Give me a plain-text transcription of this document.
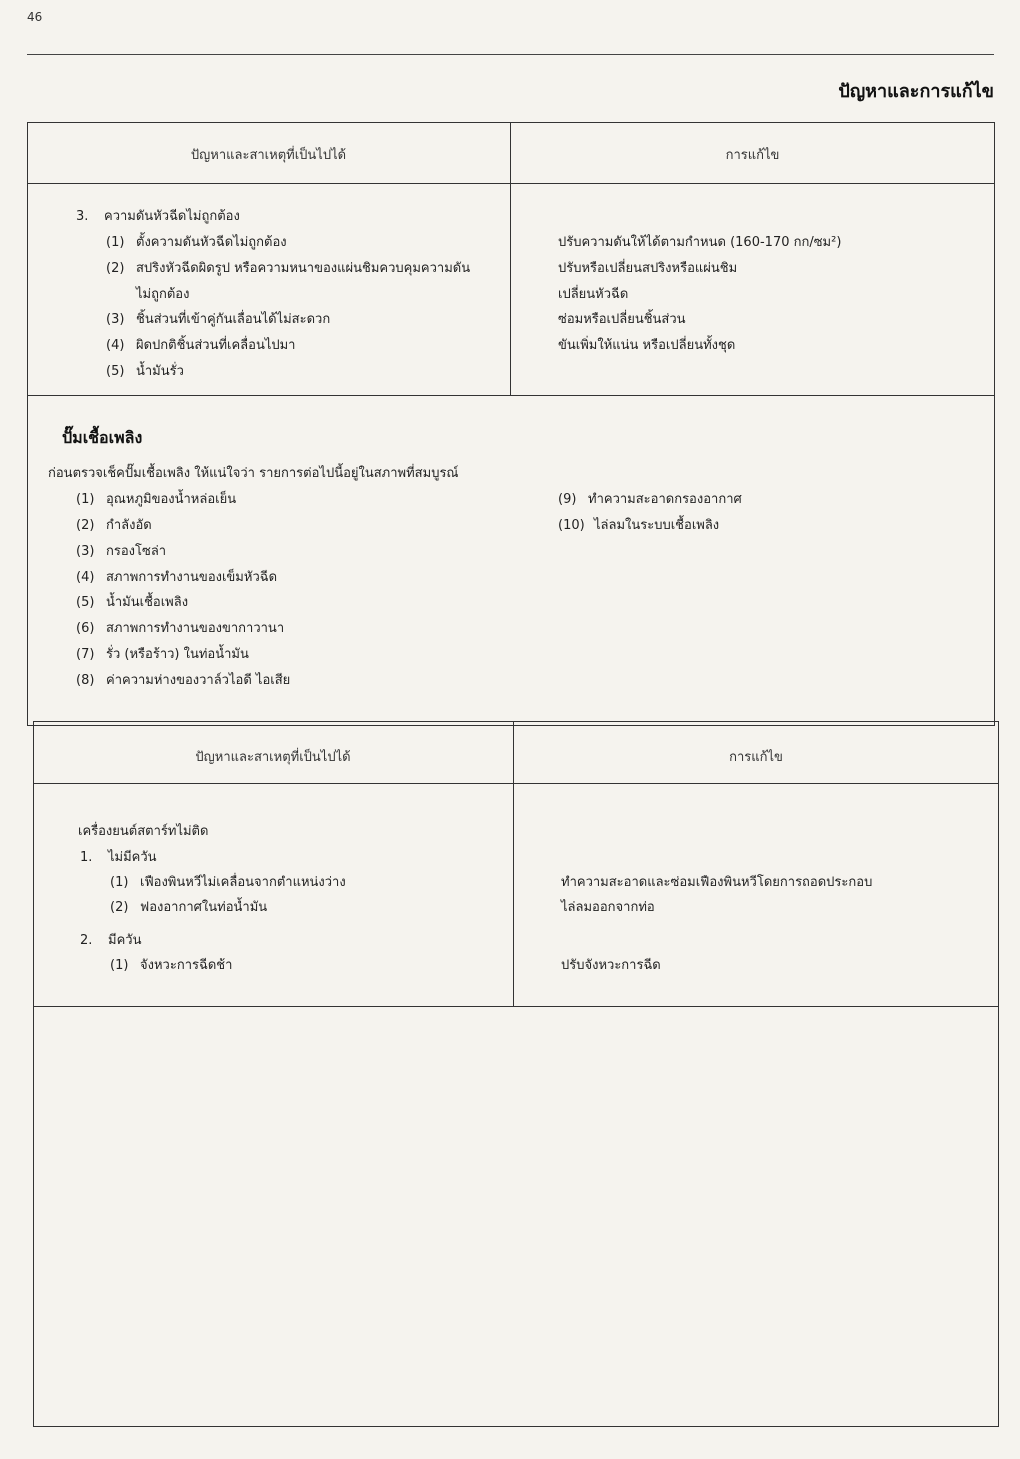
46
ปัญหาและการแก้ไข
ปัญหาและสาเหตุที่เป็นไปได้	การแก้ไข
3. ความดันหัวฉีดไม่ถูกต้อง
(1) ตั้งความดันหัวฉีดไม่ถูกต้อง
(2) สปริงหัวฉีดผิดรูป หรือความหนาของแผ่นชิมควบคุมความดัน
ไม่ถูกต้อง
(3) ชิ้นส่วนที่เข้าคู่กันเลื่อนได้ไม่สะดวก
(4) ผิดปกติชิ้นส่วนที่เคลื่อนไปมา
(5) น้ำมันรั่ว
ปรับความดันให้ได้ตามกำหนด (160-170 กก/ซม²)
ปรับหรือเปลี่ยนสปริงหรือแผ่นชิม
เปลี่ยนหัวฉีด
ซ่อมหรือเปลี่ยนชิ้นส่วน
ขันเพิ่มให้แน่น หรือเปลี่ยนทั้งชุด
ปั๊มเชื้อเพลิง
ก่อนตรวจเช็คปั๊มเชื้อเพลิง ให้แน่ใจว่า รายการต่อไปนี้อยู่ในสภาพที่สมบูรณ์
(1) อุณหภูมิของน้ำหล่อเย็น
(2) กำลังอัด
(3) กรองโซล่า
(4) สภาพการทำงานของเข็มหัวฉีด
(5) น้ำมันเชื้อเพลิง
(6) สภาพการทำงานของขากาวานา
(7) รั่ว (หรือร้าว) ในท่อน้ำมัน
(8) ค่าความห่างของวาล์วไอดี ไอเสีย
(9) ทำความสะอาดกรองอากาศ
(10) ไล่ลมในระบบเชื้อเพลิง
ปัญหาและสาเหตุที่เป็นไปได้	การแก้ไข
เครื่องยนต์สตาร์ทไม่ติด
1. ไม่มีควัน
(1) เฟืองพินหวีไม่เคลื่อนจากตำแหน่งว่าง
(2) ฟองอากาศในท่อน้ำมัน
2. มีควัน
(1) จังหวะการฉีดช้า
ทำความสะอาดและซ่อมเฟืองพินหวีโดยการถอดประกอบ
ไล่ลมออกจากท่อ
ปรับจังหวะการฉีด
